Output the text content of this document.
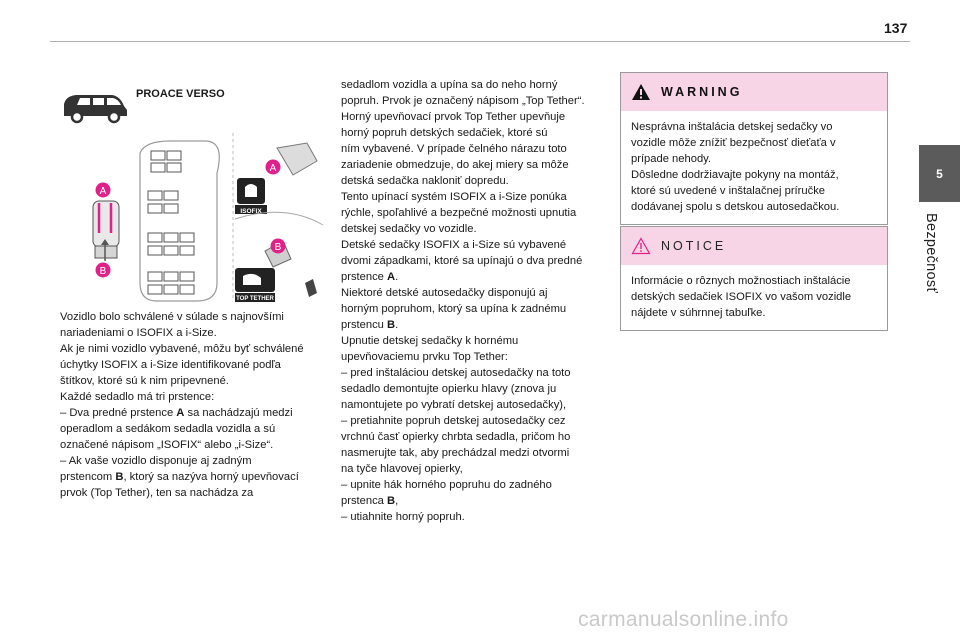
137
5
Bezpečnosť
PROACE VERSO
A
A
B
B
ISOFIX
TOP TETHER
Vozidlo bolo schválené v súlade s najnovšími
nariadeniami o ISOFIX a i-Size.
Ak je nimi vozidlo vybavené, môžu byť schválené
úchytky ISOFIX a i-Size identifikované podľa
štítkov, ktoré sú k nim pripevnené.
Každé sedadlo má tri prstence:
– Dva predné prstence A sa nachádzajú medzi
operadlom a sedákom sedadla vozidla a sú
označené nápisom „ISOFIX“ alebo „i-Size“.
– Ak vaše vozidlo disponuje aj zadným
prstencom B, ktorý sa nazýva horný upevňovací
prvok (Top Tether), ten sa nachádza za
sedadlom vozidla a upína sa do neho horný
popruh. Prvok je označený nápisom „Top Tether“.
Horný upevňovací prvok Top Tether upevňuje
horný popruh detských sedačiek, ktoré sú
ním vybavené. V prípade čelného nárazu toto
zariadenie obmedzuje, do akej miery sa môže
detská sedačka nakloniť dopredu.
Tento upínací systém ISOFIX a i-Size ponúka
rýchle, spoľahlivé a bezpečné možnosti upnutia
detskej sedačky vo vozidle.
Detské sedačky ISOFIX a i-Size sú vybavené
dvomi západkami, ktoré sa upínajú o dva predné
prstence A.
Niektoré detské autosedačky disponujú aj
horným popruhom, ktorý sa upína k zadnému
prstencu B.
Upnutie detskej sedačky k hornému
upevňovaciemu prvku Top Tether:
– pred inštaláciou detskej autosedačky na toto
sedadlo demontujte opierku hlavy (znova ju
namontujete po vybratí detskej autosedačky),
– pretiahnite popruh detskej autosedačky cez
vrchnú časť opierky chrbta sedadla, pričom ho
nasmerujte tak, aby prechádzal medzi otvormi
na tyče hlavovej opierky,
– upnite hák horného popruhu do zadného
prstenca B,
– utiahnite horný popruh.
WARNING
Nesprávna inštalácia detskej sedačky vo
vozidle môže znížiť bezpečnosť dieťaťa v
prípade nehody.
Dôsledne dodržiavajte pokyny na montáž,
ktoré sú uvedené v inštalačnej príručke
dodávanej spolu s detskou autosedačkou.
NOTICE
Informácie o rôznych možnostiach inštalácie
detských sedačiek ISOFIX vo vašom vozidle
nájdete v súhrnnej tabuľke.
carmanualsonline.info
